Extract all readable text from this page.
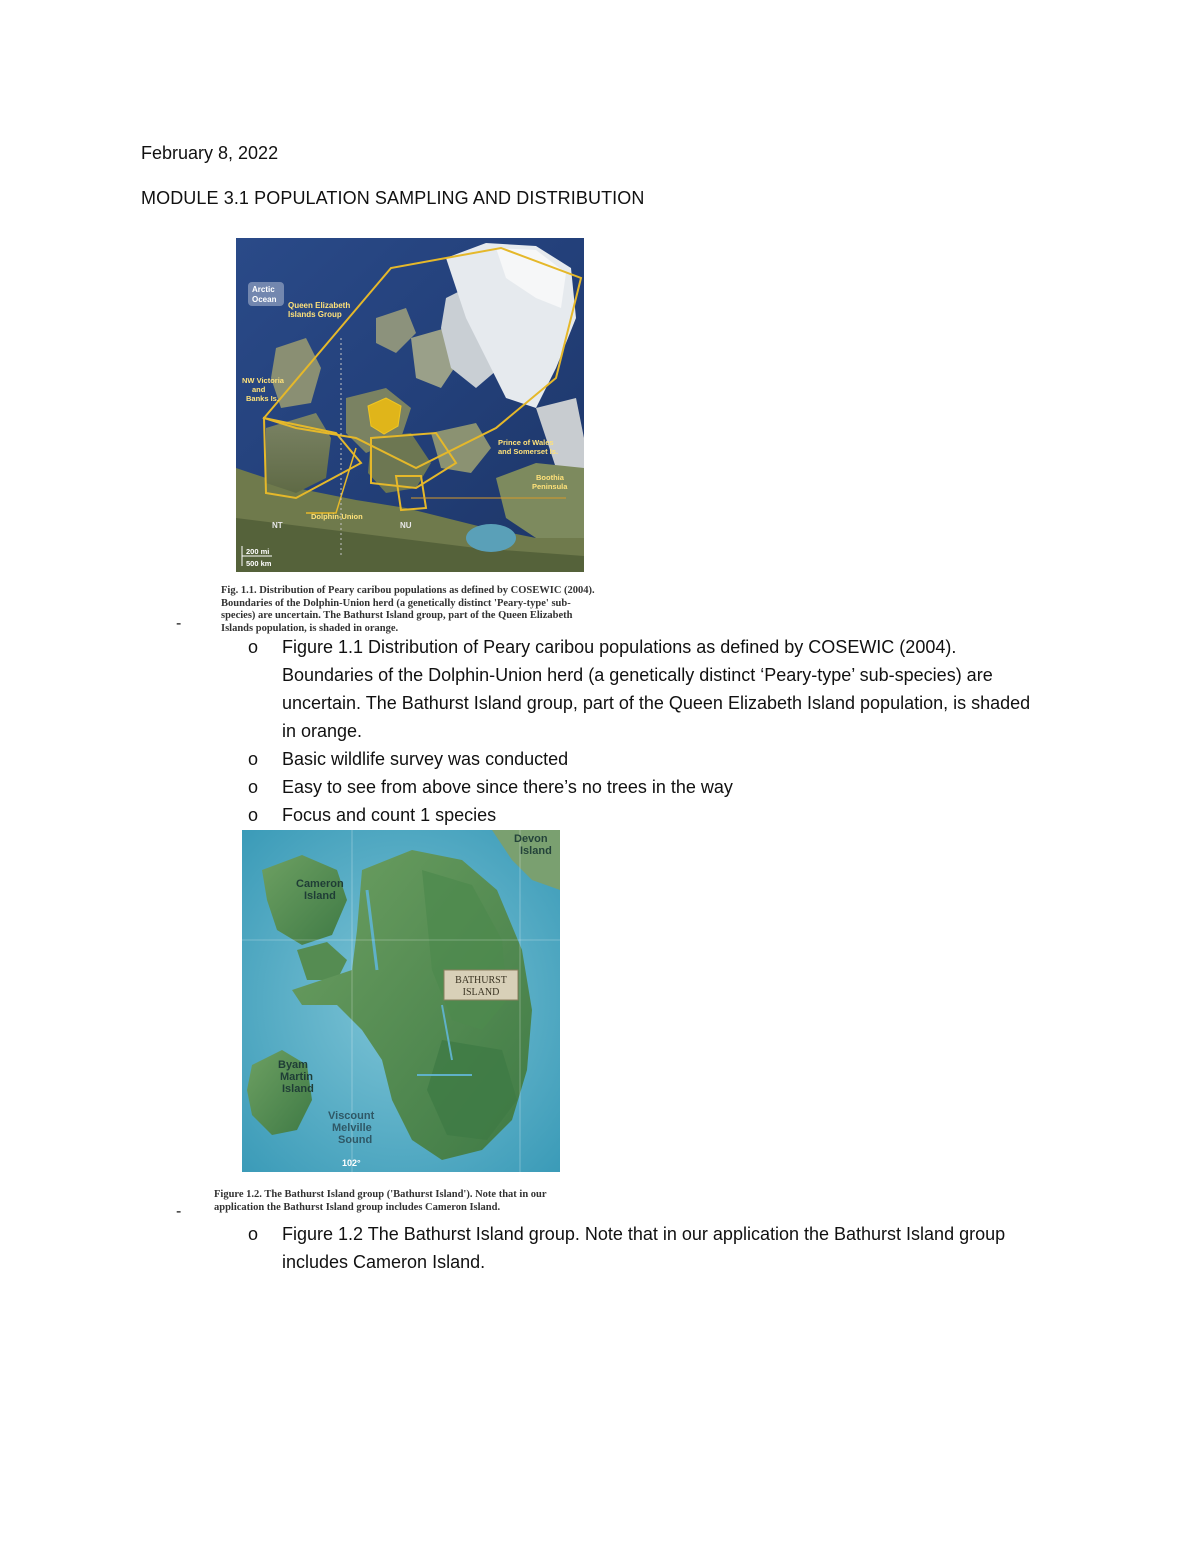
February 8, 2022
MODULE 3.1 POPULATION SAMPLING AND DISTRIBUTION
Arctic
Ocean
Queen Elizabeth
Islands Group
NW Victoria
and
Banks Is.
Prince of Wales
and Somerset Is.
Boothia
Peninsula
Dolphin-Union
NT	NU
200 mi
500 km
Fig. 1.1. Distribution of Peary caribou populations as defined by COSEWIC (2004). Boundaries of the Dolphin-Union herd (a genetically distinct 'Peary-type' sub-species) are uncertain. The Bathurst Island group, part of the Queen Elizabeth Islands population, is shaded in orange.
-
o Figure 1.1 Distribution of Peary caribou populations as defined by COSEWIC (2004). Boundaries of the Dolphin-Union herd (a genetically distinct ‘Peary-type’ sub-species) are uncertain. The Bathurst Island group, part of the Queen Elizabeth Island population, is shaded in orange.
o Basic wildlife survey was conducted
o Easy to see from above since there’s no trees in the way
o Focus and count 1 species
Devon
Island
Cameron
Island
BATHURST
ISLAND
Byam
Martin
Island
Viscount
Melville
Sound
102°
Figure 1.2. The Bathurst Island group ('Bathurst Island'). Note that in our application the Bathurst Island group includes Cameron Island.
-
o Figure 1.2 The Bathurst Island group. Note that in our application the Bathurst Island group includes Cameron Island.
